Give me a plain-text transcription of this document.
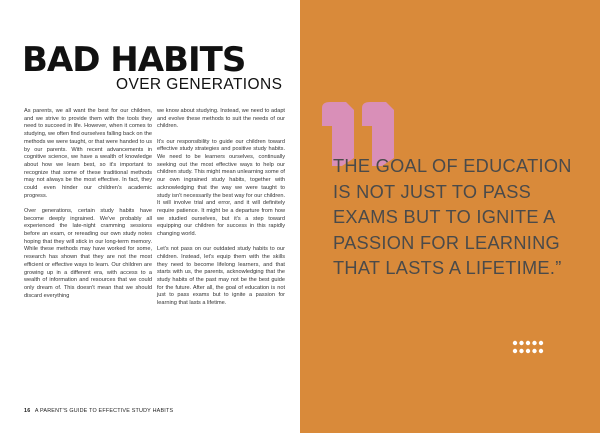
BAD HABITS
OVER GENERATIONS

As parents, we all want the best for our children, and we strive to provide them with the tools they need to succeed in life. However, when it comes to studying, we often find ourselves falling back on the methods we were taught, or that were handed to us by our parents. With recent advancements in cognitive science, we have a wealth of knowledge about how we learn best, so it's important to recognize that some of these traditional methods may not always be the most effective. In fact, they could even hinder our children's academic progress.

Over generations, certain study habits have become deeply ingrained. We've probably all experienced the late-night cramming sessions before an exam, or rereading our own study notes hoping that they will stick in our long-term memory. While these methods may have worked for some, research has shown that they are not the most efficient or effective ways to learn. Our children are growing up in a different era, with access to a wealth of information and resources that we could only dream of. This doesn't mean that we should discard everything

we know about studying. Instead, we need to adapt and evolve these methods to suit the needs of our children.

It's our responsibility to guide our children toward effective study strategies and positive study habits. We need to be learners ourselves, continually seeking out the most effective ways to help our children study. This might mean unlearning some of our own ingrained study habits, together with acknowledging that the way we were taught to study isn't necessarily the best way for our children. It will involve trial and error, and it will definitely require patience. It might be a departure from how we studied ourselves, but it's a step toward equipping our children for success in this rapidly changing world.

Let's not pass on our outdated study habits to our children. Instead, let's equip them with the skills they need to become lifelong learners, and that starts with us, the parents, acknowledging that the study habits of the past may not be the best guide for the future. After all, the goal of education is not just to pass exams but to ignite a passion for learning that lasts a lifetime.

16 A PARENT'S GUIDE TO EFFECTIVE STUDY HABITS
THE GOAL OF EDUCATION IS NOT JUST TO PASS EXAMS BUT TO IGNITE A PASSION FOR LEARNING THAT LASTS A LIFETIME.”
